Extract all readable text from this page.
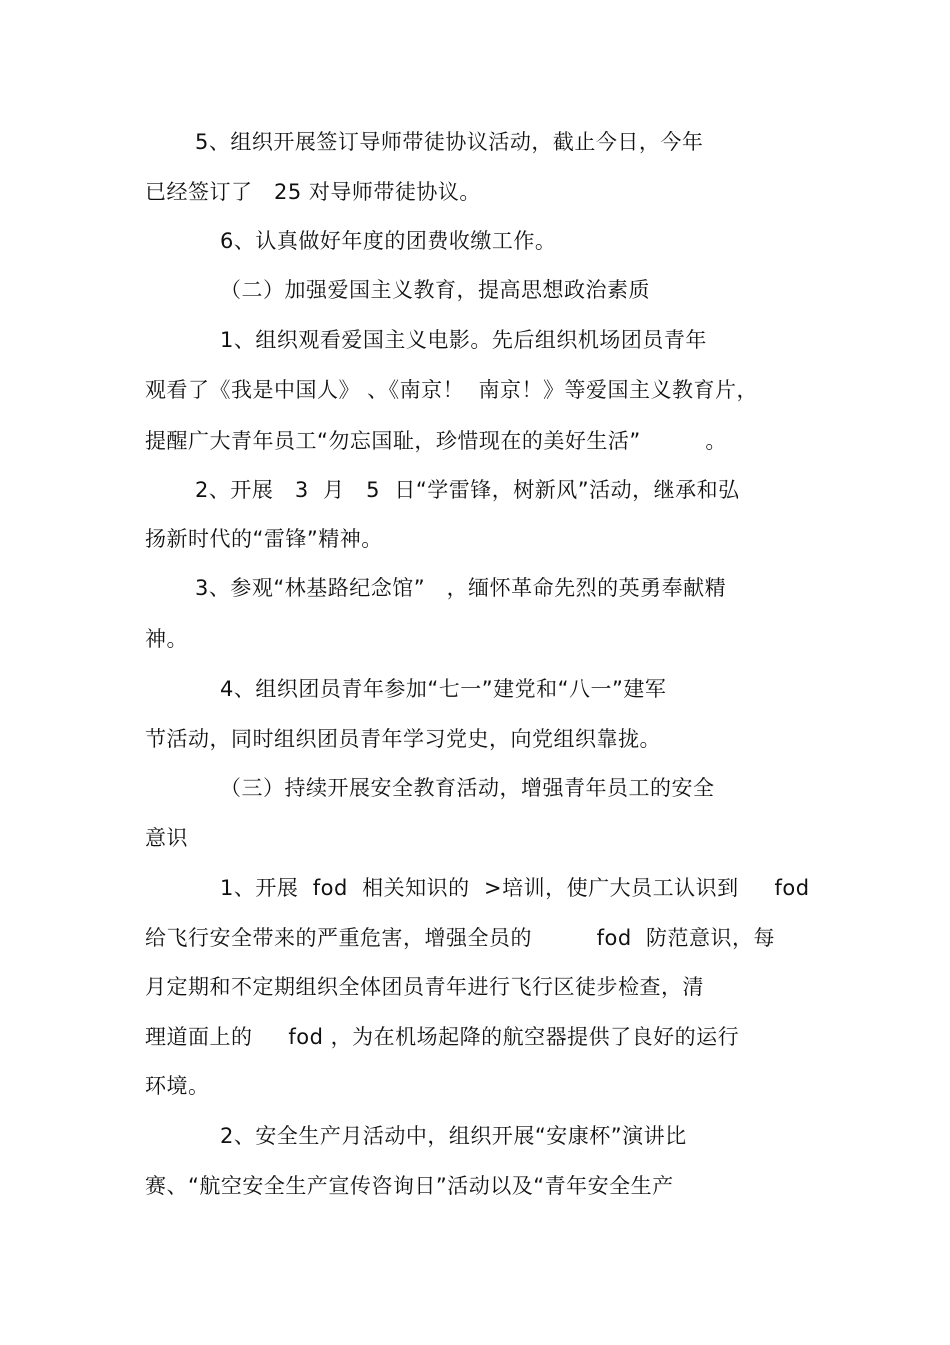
5、组织开展签订导师带徒协议活动，截止今日，今年
已经签订了   25 对导师带徒协议。
6、认真做好年度的团费收缴工作。
（二）加强爱国主义教育，提高思想政治素质
1、组织观看爱国主义电影。先后组织机场团员青年
观看了《我是中国人》 、《南京！  南京！》等爱国主义教育片，
提醒广大青年员工“勿忘国耻，珍惜现在的美好生活”         。
2、开展   3  月   5  日“学雷锋，树新风”活动，继承和弘
扬新时代的“雷锋”精神。
3、参观“林基路纪念馆”   ，缅怀革命先烈的英勇奉献精
神。
4、组织团员青年参加“七一”建党和“八一”建军
节活动，同时组织团员青年学习党史，向党组织靠拢。
（三）持续开展安全教育活动，增强青年员工的安全
意识
1、开展  fod  相关知识的  >培训，使广大员工认识到     fod
给飞行安全带来的严重危害，增强全员的         fod  防范意识，每
月定期和不定期组织全体团员青年进行飞行区徒步检查，清
理道面上的     fod ，为在机场起降的航空器提供了良好的运行
环境。
2、安全生产月活动中，组织开展“安康杯”演讲比
赛、“航空安全生产宣传咨询日”活动以及“青年安全生产
